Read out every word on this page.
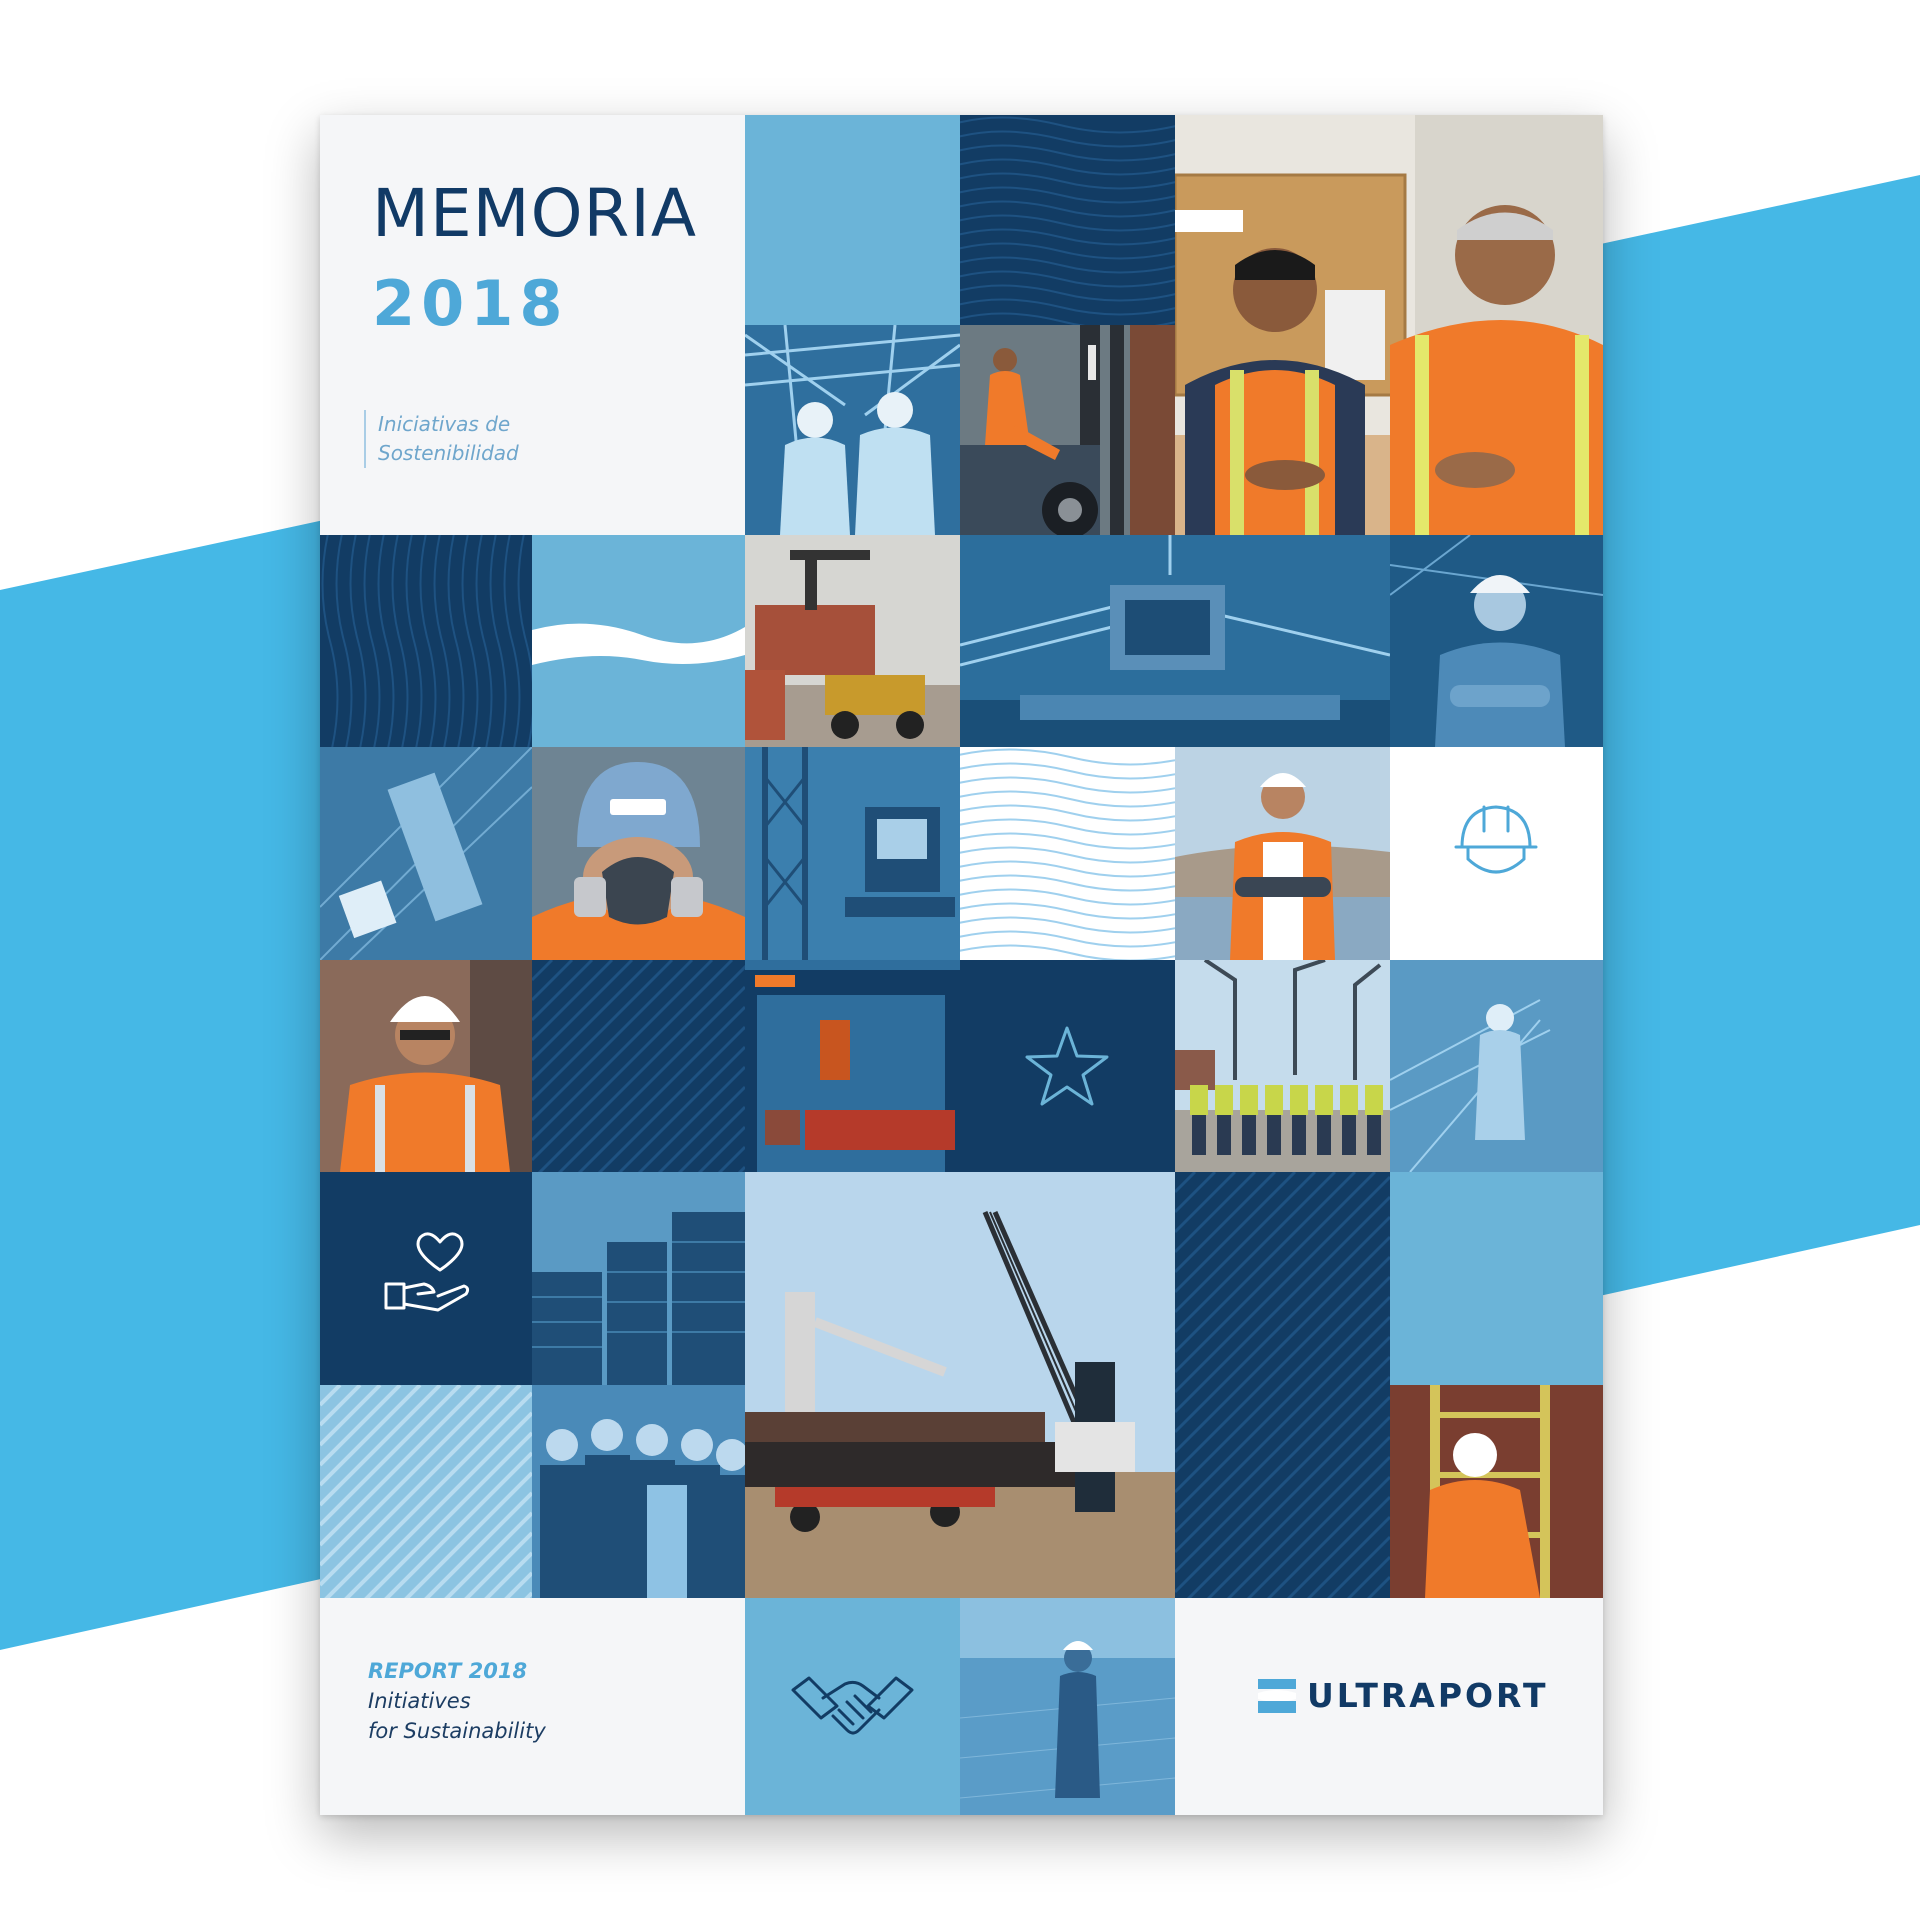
MEMORIA
2018
Iniciativas de
Sostenibilidad
REPORT 2018
Initiatives
for Sustainability
ULTRAPORT
